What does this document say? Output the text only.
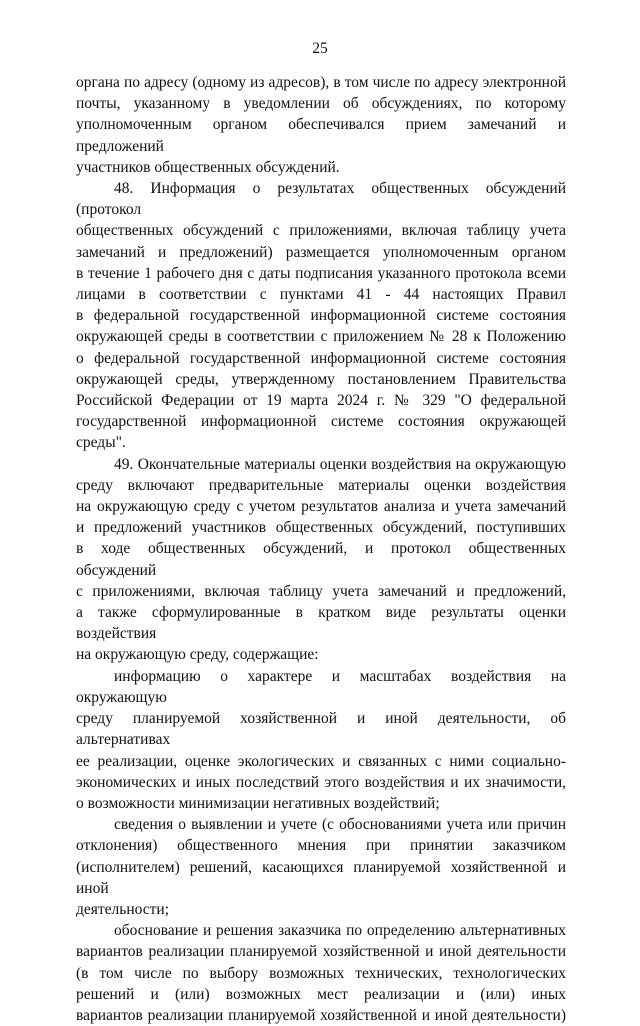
25

органа по адресу (одному из адресов), в том числе по адресу электронной

почты, указанному в уведомлении об обсуждениях, по которому

уполномоченным органом обеспечивался прием замечаний и предложений

участников общественных обсуждений.

48. Информация о результатах общественных обсуждений (протокол

общественных обсуждений с приложениями, включая таблицу учета

замечаний и предложений) размещается уполномоченным органом

в течение 1 рабочего дня с даты подписания указанного протокола всеми

лицами в соответствии с пунктами 41 - 44 настоящих Правил

в федеральной государственной информационной системе состояния

окружающей среды в соответствии с приложением № 28 к Положению

о федеральной государственной информационной системе состояния

окружающей среды, утвержденному постановлением Правительства

Российской Федерации от 19 марта 2024 г. № 329 "О федеральной

государственной информационной системе состояния окружающей

среды".

49. Окончательные материалы оценки воздействия на окружающую

среду включают предварительные материалы оценки воздействия

на окружающую среду с учетом результатов анализа и учета замечаний

и предложений участников общественных обсуждений, поступивших

в ходе общественных обсуждений, и протокол общественных обсуждений

с приложениями, включая таблицу учета замечаний и предложений,

а также сформулированные в кратком виде результаты оценки воздействия

на окружающую среду, содержащие:

информацию о характере и масштабах воздействия на окружающую

среду планируемой хозяйственной и иной деятельности, об альтернативах

ее реализации, оценке экологических и связанных с ними социально-

экономических и иных последствий этого воздействия и их значимости,

о возможности минимизации негативных воздействий;

сведения о выявлении и учете (с обоснованиями учета или причин

отклонения) общественного мнения при принятии заказчиком

(исполнителем) решений, касающихся планируемой хозяйственной и иной

деятельности;

обоснование и решения заказчика по определению альтернативных

вариантов реализации планируемой хозяйственной и иной деятельности

(в том числе по выбору возможных технических, технологических

решений и (или) возможных мест реализации и (или) иных

вариантов реализации планируемой хозяйственной и иной деятельности)
